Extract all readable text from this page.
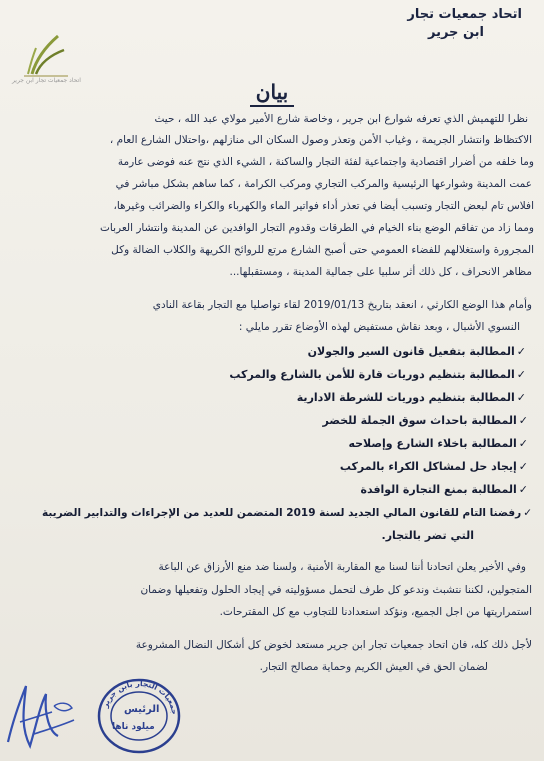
اتحاد جمعيات تجار
ابن جرير
اتحاد جمعيات تجار ابن جرير	بيان
نظرا للتهميش الذي تعرفه شوارع ابن جرير ، وخاصة شارع الأمير مولاي عبد الله ، حيث
الاكتظاظ وانتشار الجريمة ، وغياب الأمن وتعذر وصول السكان الى منازلهم ،واحتلال الشارع العام ،
وما خلفه من أضرار اقتصادية واجتماعية لفئة التجار والساكنة ، الشيء الذي نتج عنه فوضى عارمة
عمت المدينة وشوارعها الرئيسية والمركب التجاري ومركب الكرامة ، كما ساهم بشكل مباشر في
افلاس تام لبعض التجار وتسبب أيضا في تعذر أداء فواتير الماء والكهرباء والكراء والضرائب وغيرها،
ومما زاد من تفاقم الوضع بناء الخيام في الطرقات وقدوم التجار الوافدين عن المدينة وانتشار العربات
المجرورة واستغلالهم للفضاء العمومي حتى أصبح الشارع مرتع للروائح الكريهة والكلاب الضالة وكل
مظاهر الانحراف ، كل ذلك أثر سلبيا على جمالية المدينة ، ومستقبلها...
وأمام هذا الوضع الكارثي ، انعقد بتاريخ 2019/01/13 لقاء تواصليا مع التجار بقاعة النادي
النسوي الأشبال ، وبعد نقاش مستفيض لهذه الأوضاع تقرر مايلي :
✓المطالبة بتفعيل قانون السير والجولان
✓المطالبة بتنظيم دوريات قارة للأمن بالشارع والمركب
✓المطالبة بتنظيم دوريات للشرطة الادارية
✓المطالبة باحداث سوق الجملة للخضر
✓المطالبة باخلاء الشارع وإصلاحه
✓إيجاد حل لمشاكل الكراء بالمركب
✓المطالبة بمنع التجارة الوافدة
✓رفضنا التام للقانون المالي الجديد لسنة 2019 المتضمن للعديد من الإجراءات والتدابير الضريبة
التي تضر بالتجار.
وفي الأخير يعلن اتحادنا أننا لسنا مع المقاربة الأمنية ، ولسنا ضد منع الأرزاق عن الباعة
المتجولين، لكننا نتشبث وندعو كل طرف لتحمل مسؤوليته في إيجاد الحلول وتفعيلها وضمان
استمراريتها من اجل الجميع، ونؤكد استعدادنا للتجاوب مع كل المقترحات.
لأجل ذلك كله، فان اتحاد جمعيات تجار ابن جرير مستعد لخوض كل أشكال النضال المشروعة
لضمان الحق في العيش الكريم وحماية مصالح التجار.
جمعيات التجار بابن جرير
الرئيس
ميلود ناها
